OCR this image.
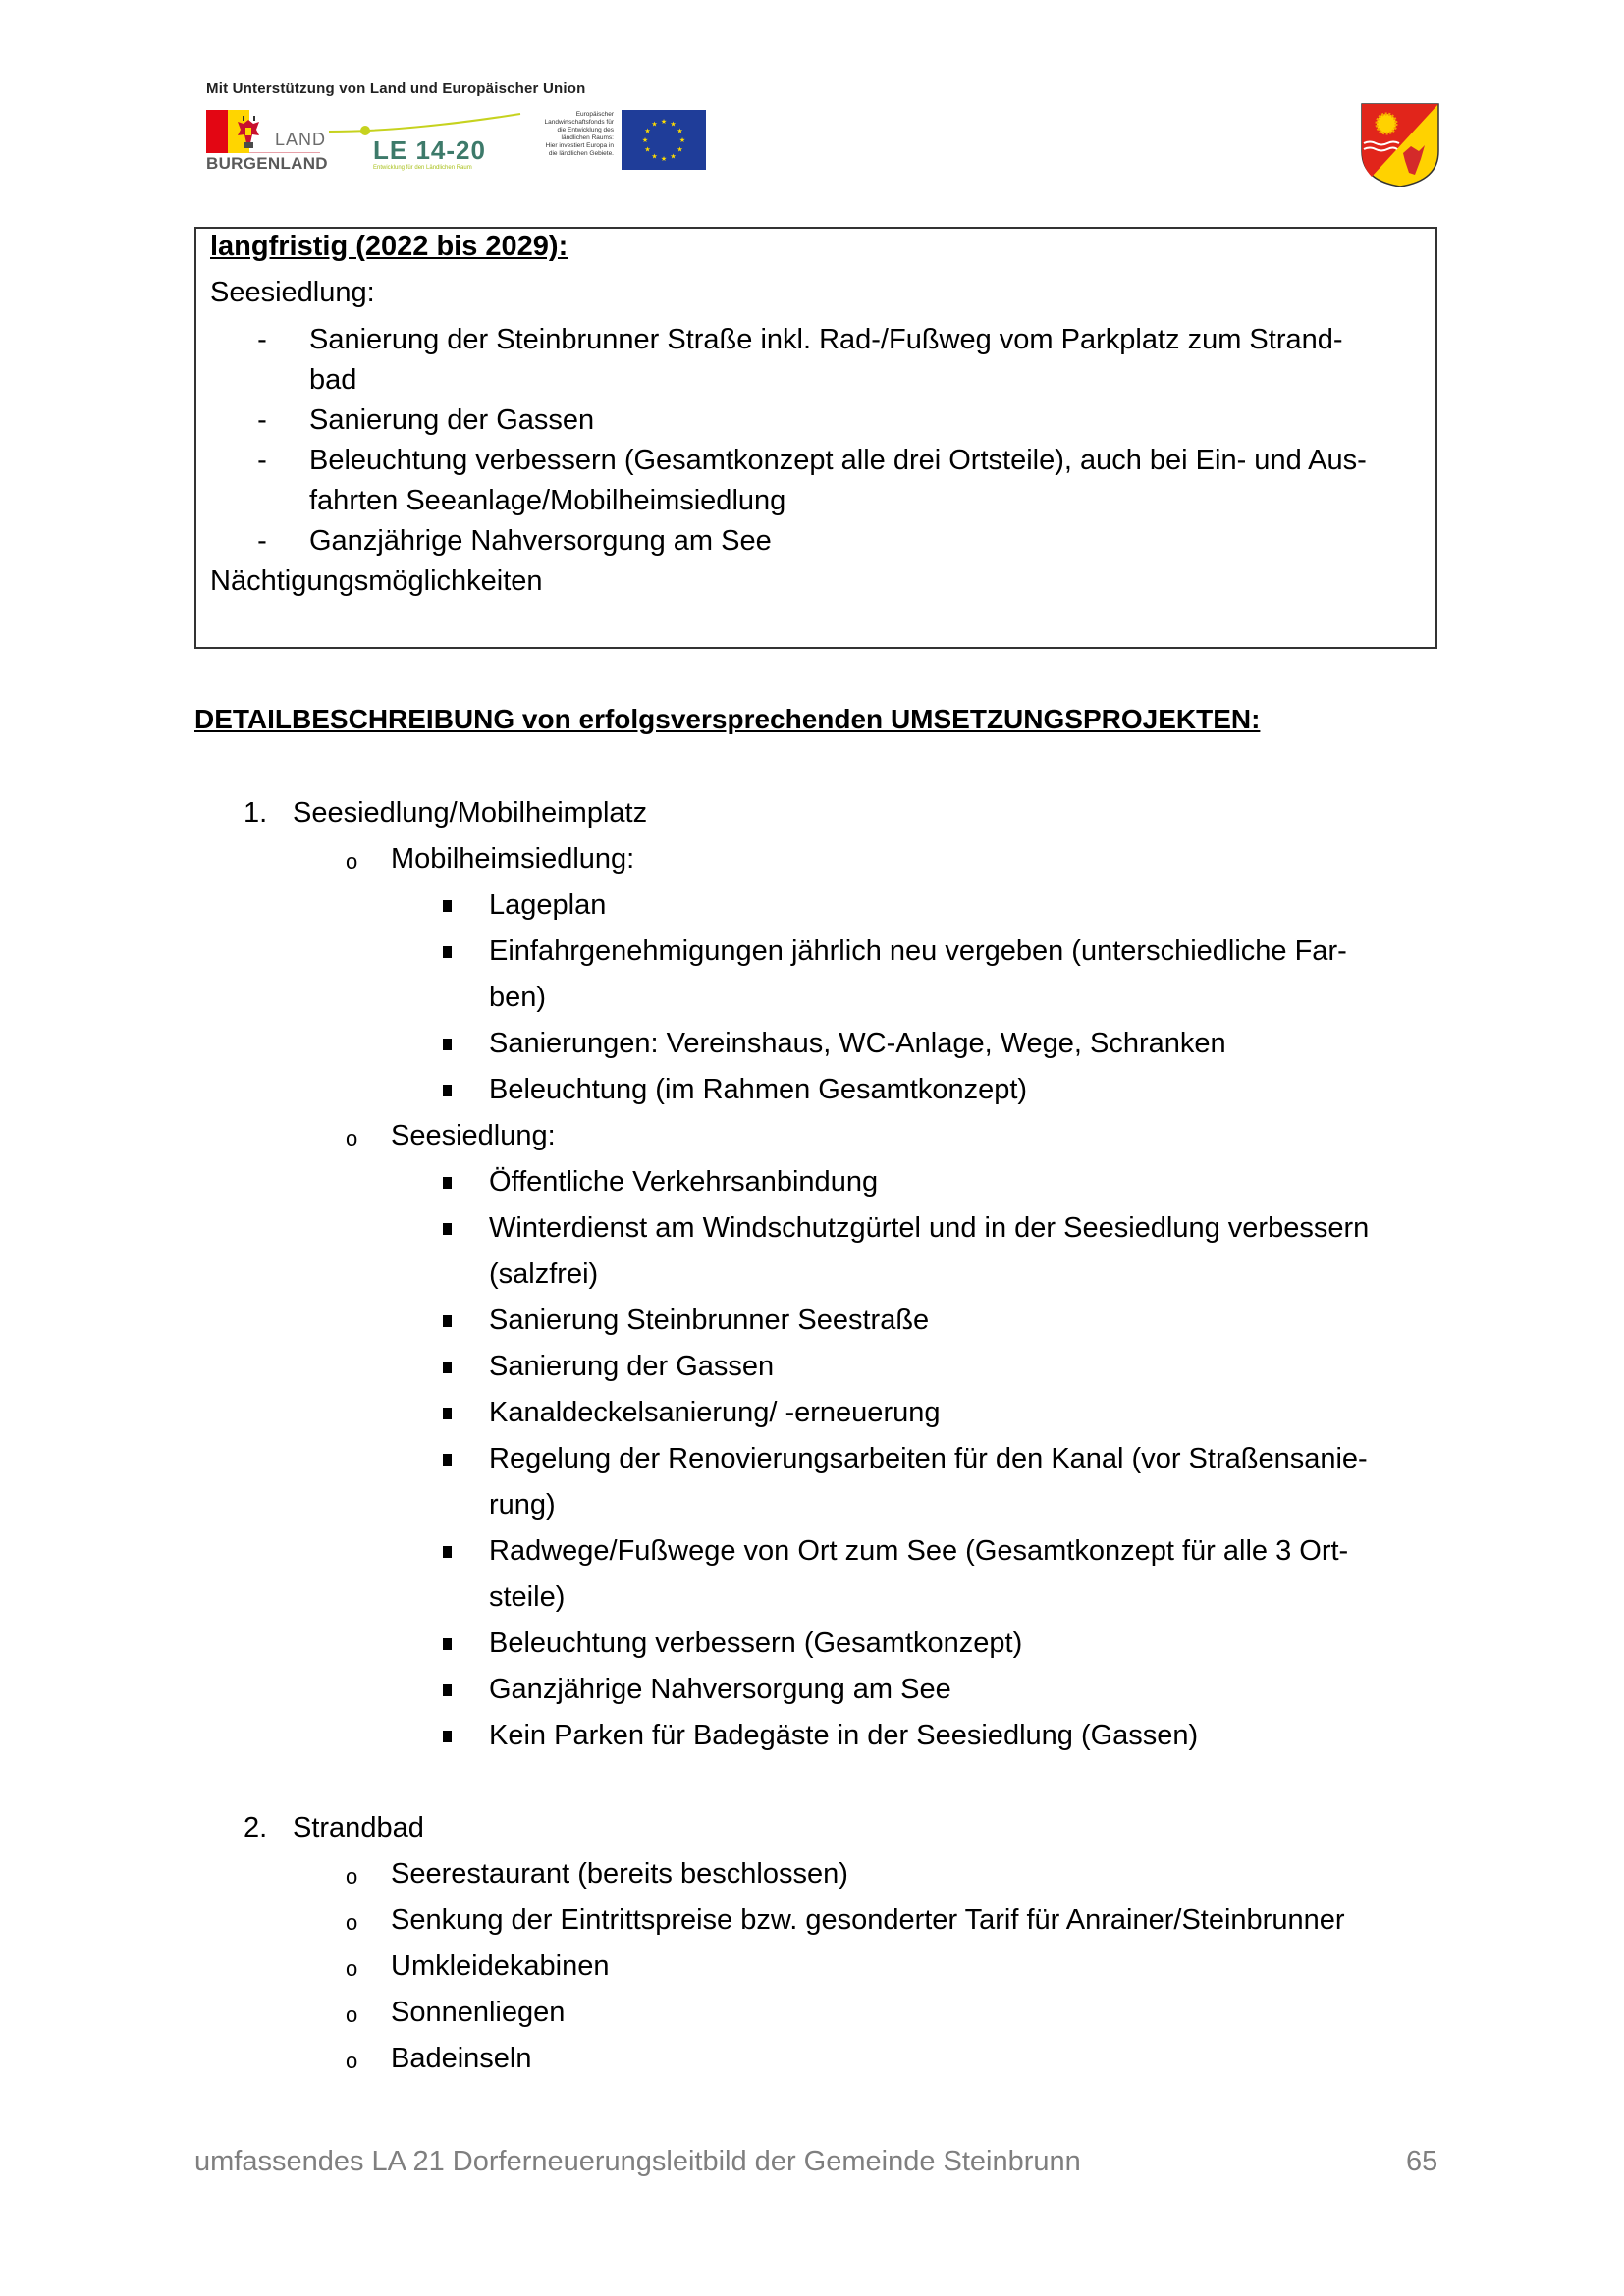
Mit Unterstützung von Land und Europäischer Union
LAND
BURGENLAND LE 14-20
Entwicklung für den Ländlichen Raum
Europäischer
Landwirtschaftsfonds für
die Entwicklung des
ländlichen Raums:
Hier investiert Europa in
die ländlichen Gebiete.
★ ★
★
★
★
★
★
★
★
★
★
★
langfristig (2022 bis 2029):
Seesiedlung:
- Sanierung der Steinbrunner Straße inkl. Rad-/Fußweg vom Parkplatz zum Strand-
bad
- Sanierung der Gassen
- Beleuchtung verbessern (Gesamtkonzept alle drei Ortsteile), auch bei Ein- und Aus-
fahrten Seeanlage/Mobilheimsiedlung
- Ganzjährige Nahversorgung am See
Nächtigungsmöglichkeiten
DETAILBESCHREIBUNG von erfolgsversprechenden UMSETZUNGSPROJEKTEN:
1. Seesiedlung/Mobilheimplatz
o Mobilheimsiedlung:
Lageplan
Einfahrgenehmigungen jährlich neu vergeben (unterschiedliche Far-
ben)
Sanierungen: Vereinshaus, WC-Anlage, Wege, Schranken
Beleuchtung (im Rahmen Gesamtkonzept)
o Seesiedlung:
Öffentliche Verkehrsanbindung
Winterdienst am Windschutzgürtel und in der Seesiedlung verbessern
(salzfrei)
Sanierung Steinbrunner Seestraße
Sanierung der Gassen
Kanaldeckelsanierung/ -erneuerung
Regelung der Renovierungsarbeiten für den Kanal (vor Straßensanie-
rung)
Radwege/Fußwege von Ort zum See (Gesamtkonzept für alle 3 Ort-
steile)
Beleuchtung verbessern (Gesamtkonzept)
Ganzjährige Nahversorgung am See
Kein Parken für Badegäste in der Seesiedlung (Gassen)
2. Strandbad
o Seerestaurant (bereits beschlossen)
o Senkung der Eintrittspreise bzw. gesonderter Tarif für Anrainer/Steinbrunner
o Umkleidekabinen
o Sonnenliegen
o Badeinseln
umfassendes LA 21 Dorferneuerungsleitbild der Gemeinde Steinbrunn	65
